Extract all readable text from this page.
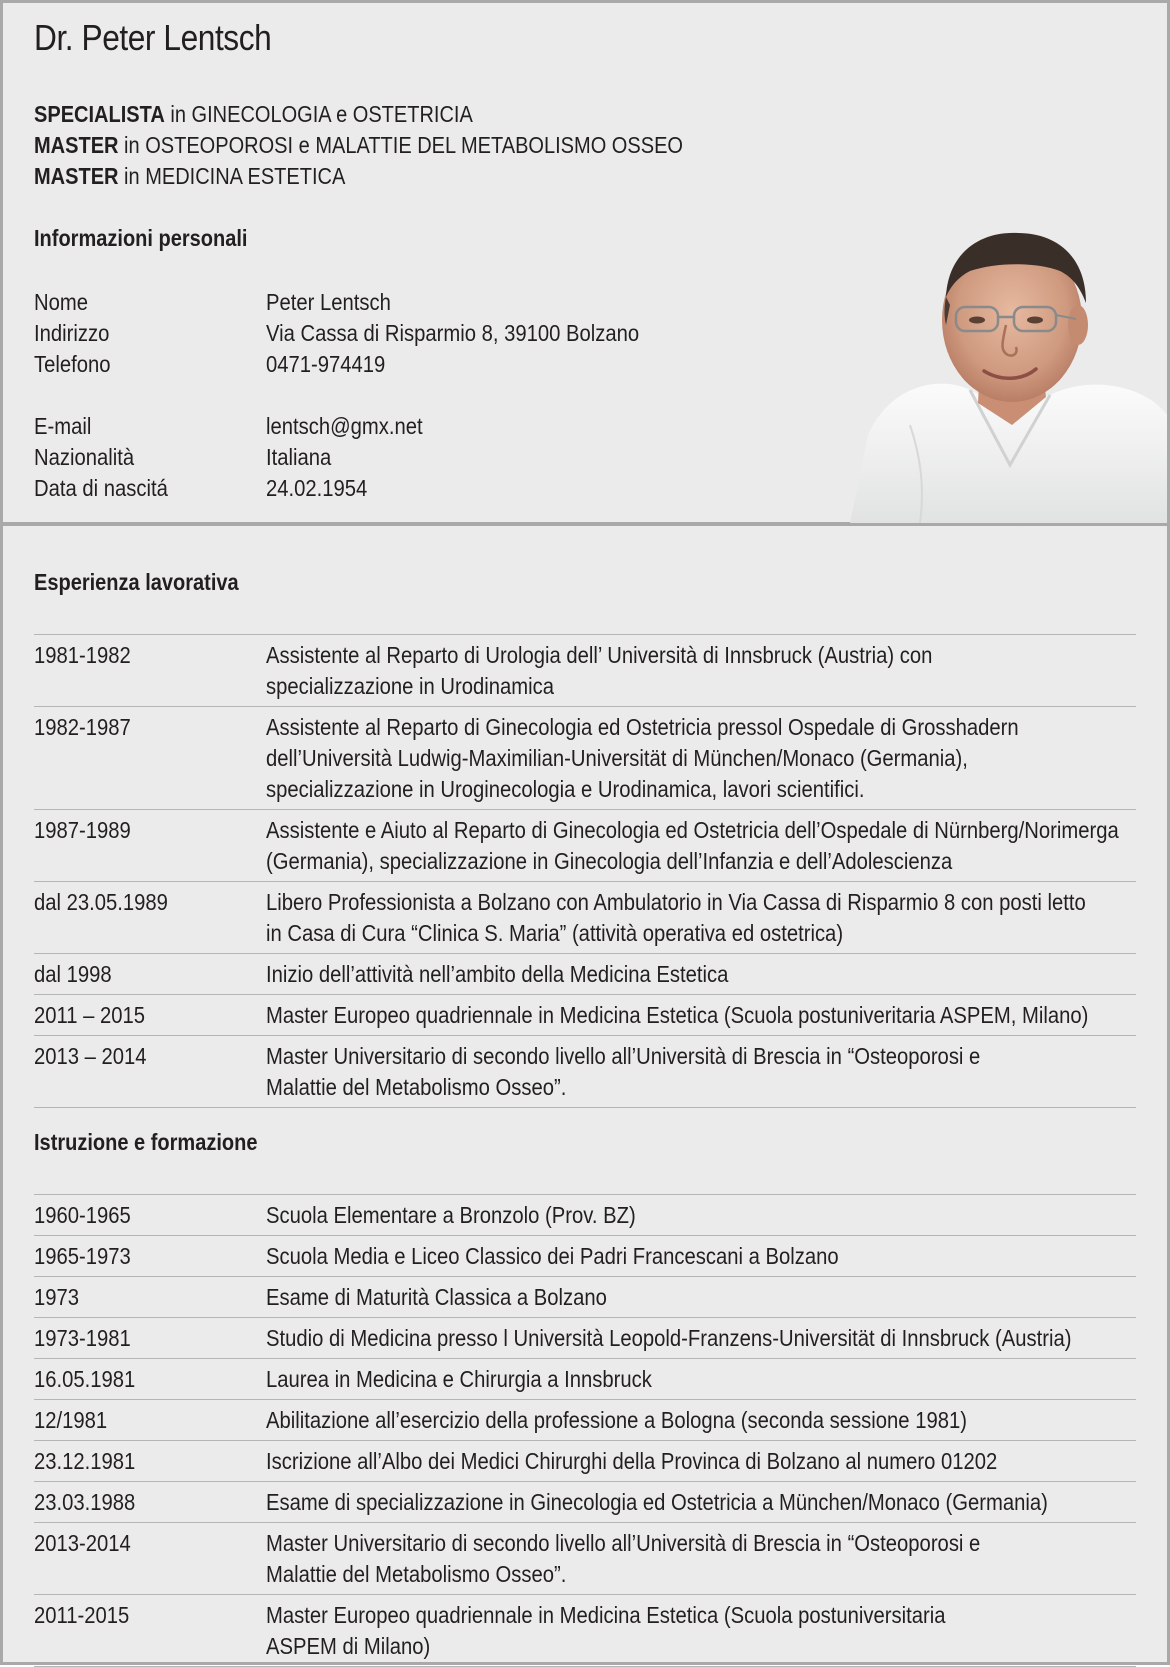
Dr. Peter Lentsch
SPECIALISTA in GINECOLOGIA e OSTETRICIA
MASTER in OSTEOPOROSI e MALATTIE DEL METABOLISMO OSSEO
MASTER in MEDICINA ESTETICA
Informazioni personali
Nome	Peter Lentsch
Indirizzo	Via Cassa di Risparmio 8, 39100 Bolzano
Telefono	0471-974419
E-mail	lentsch@gmx.net
Nazionalità	Italiana
Data di nascitá	24.02.1954
Esperienza lavorativa
1981-1982	Assistente al Reparto di Urologia dell’ Università di Innsbruck (Austria) con
specializzazione in Urodinamica
1982-1987	Assistente al Reparto di Ginecologia ed Ostetricia pressol Ospedale di Grosshadern
dell’Università Ludwig-Maximilian-Universität di München/Monaco (Germania),
specializzazione in Uroginecologia e Urodinamica, lavori scientifici.
1987-1989	Assistente e Aiuto al Reparto di Ginecologia ed Ostetricia dell’Ospedale di Nürnberg/Norimerga
(Germania), specializzazione in Ginecologia dell’Infanzia e dell’Adolescienza
dal 23.05.1989	Libero Professionista a Bolzano con Ambulatorio in Via Cassa di Risparmio 8 con posti letto
in Casa di Cura “Clinica S. Maria” (attività operativa ed ostetrica)
dal 1998	Inizio dell’attività nell’ambito della Medicina Estetica
2011 – 2015	Master Europeo quadriennale in Medicina Estetica (Scuola postuniveritaria ASPEM, Milano)
2013 – 2014	Master Universitario di secondo livello all’Università di Brescia in “Osteoporosi e
Malattie del Metabolismo Osseo”.
Istruzione e formazione
1960-1965	Scuola Elementare a Bronzolo (Prov. BZ)
1965-1973	Scuola Media e Liceo Classico dei Padri Francescani a Bolzano
1973	Esame di Maturità Classica a Bolzano
1973-1981	Studio di Medicina presso l Università Leopold-Franzens-Universität di Innsbruck (Austria)
16.05.1981	Laurea in Medicina e Chirurgia a Innsbruck
12/1981	Abilitazione all’esercizio della professione a Bologna (seconda sessione 1981)
23.12.1981	Iscrizione all’Albo dei Medici Chirurghi della Provinca di Bolzano al numero 01202
23.03.1988	Esame di specializzazione in Ginecologia ed Ostetricia a München/Monaco (Germania)
2013-2014	Master Universitario di secondo livello all’Università di Brescia in “Osteoporosi e
Malattie del Metabolismo Osseo”.
2011-2015	Master Europeo quadriennale in Medicina Estetica (Scuola postuniversitaria
ASPEM di Milano)
